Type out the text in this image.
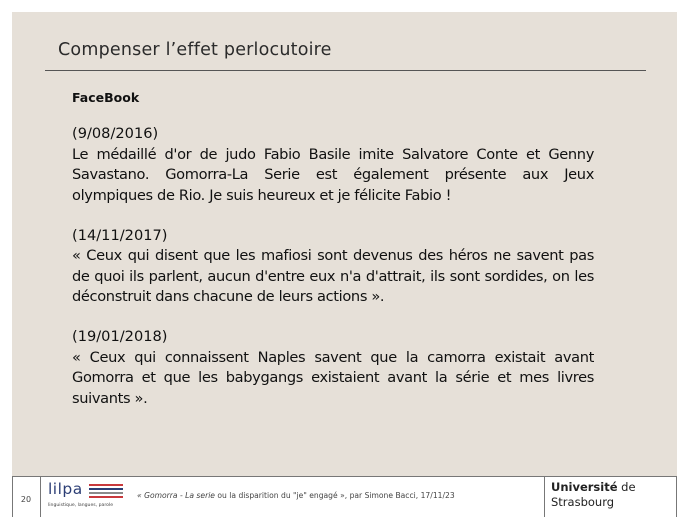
Compenser l’effet perlocutoire
FaceBook
(9/08/2016)
Le médaillé d'or de judo Fabio Basile imite Salvatore Conte et Genny Savastano. Gomorra-La Serie est également présente aux Jeux olympiques de Rio. Je suis heureux et je félicite Fabio !
(14/11/2017)
« Ceux qui disent que les mafiosi sont devenus des héros ne savent pas de quoi ils parlent, aucun d'entre eux n'a d'attrait, ils sont sordides, on les déconstruit dans chacune de leurs actions ».
(19/01/2018)
« Ceux qui connaissent Naples savent que la camorra existait avant Gomorra et que les babygangs existaient avant la série et mes livres suivants ».
20
lilpa
linguistique, langues, parole
« Gomorra - La serie ou la disparition du "je" engagé », par Simone Bacci, 17/11/23
Université de
Strasbourg
